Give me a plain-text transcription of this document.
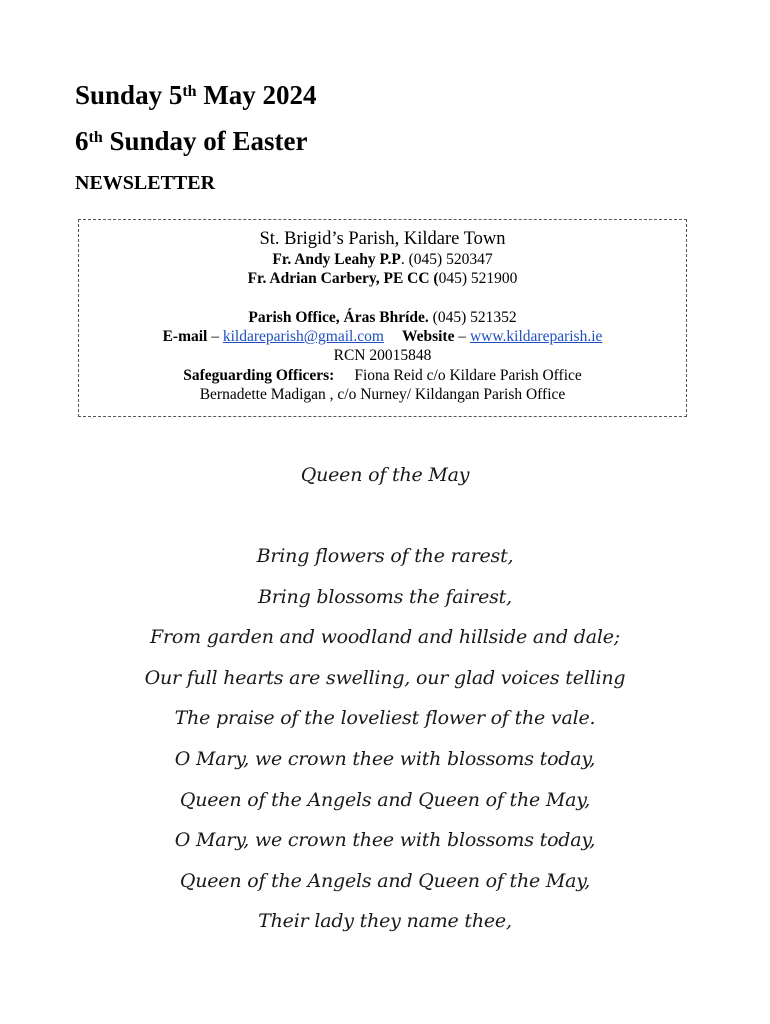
Sunday 5th May 2024
6th Sunday of Easter
NEWSLETTER
St. Brigid’s Parish, Kildare Town
Fr. Andy Leahy P.P. (045) 520347
Fr. Adrian Carbery, PE CC (045) 521900
Parish Office, Áras Bhríde. (045) 521352
E-mail – kildareparish@gmail.com Website – www.kildareparish.ie
RCN 20015848
Safeguarding Officers: Fiona Reid c/o Kildare Parish Office
Bernadette Madigan , c/o Nurney/ Kildangan Parish Office
Queen of the May
Bring flowers of the rarest,
Bring blossoms the fairest,
From garden and woodland and hillside and dale;
Our full hearts are swelling, our glad voices telling
The praise of the loveliest flower of the vale.
O Mary, we crown thee with blossoms today,
Queen of the Angels and Queen of the May,
O Mary, we crown thee with blossoms today,
Queen of the Angels and Queen of the May,
Their lady they name thee,
